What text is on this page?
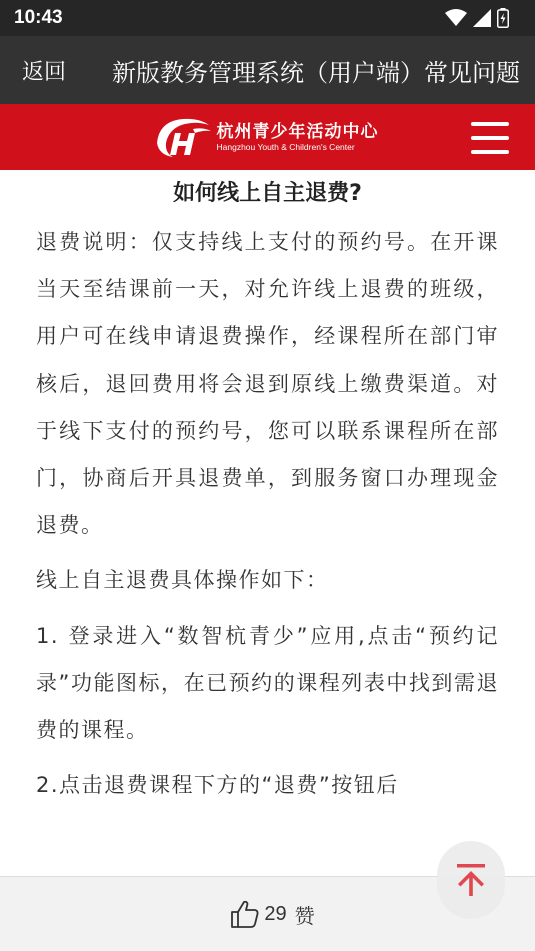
10:43
返回	新版教务管理系统（用户端）常见问题
杭州青少年活动中心
Hangzhou Youth & Children's Center
如何线上自主退费?

退费说明：仅支持线上支付的预约号。在开课当天至结课前一天，对允许线上退费的班级，用户可在线申请退费操作，经课程所在部门审核后，退回费用将会退到原线上缴费渠道。对于线下支付的预约号，您可以联系课程所在部门，协商后开具退费单，到服务窗口办理现金退费。

线上自主退费具体操作如下：

1. 登录进入“数智杭青少”应用,点击“预约记录”功能图标，在已预约的课程列表中找到需退费的课程。

2.点击退费课程下方的“退费”按钮后

29 赞
